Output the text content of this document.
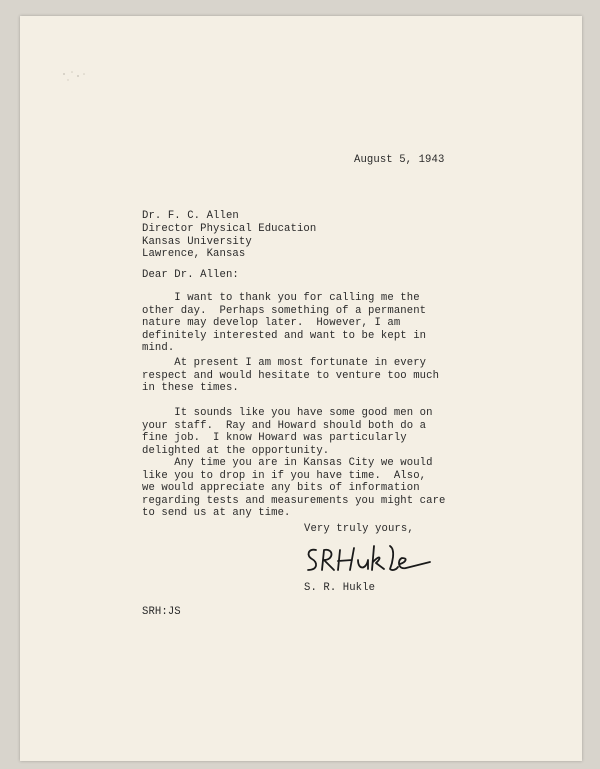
August 5, 1943
Dr. F. C. Allen
Director Physical Education
Kansas University
Lawrence, Kansas
Dear Dr. Allen:
I want to thank you for calling me the
other day.  Perhaps something of a permanent
nature may develop later.  However, I am
definitely interested and want to be kept in
mind.
At present I am most fortunate in every
respect and would hesitate to venture too much
in these times.
It sounds like you have some good men on
your staff.  Ray and Howard should both do a
fine job.  I know Howard was particularly
delighted at the opportunity.
Any time you are in Kansas City we would
like you to drop in if you have time.  Also,
we would appreciate any bits of information
regarding tests and measurements you might care
to send us at any time.
Very truly yours,
S. R. Hukle
SRH:JS
